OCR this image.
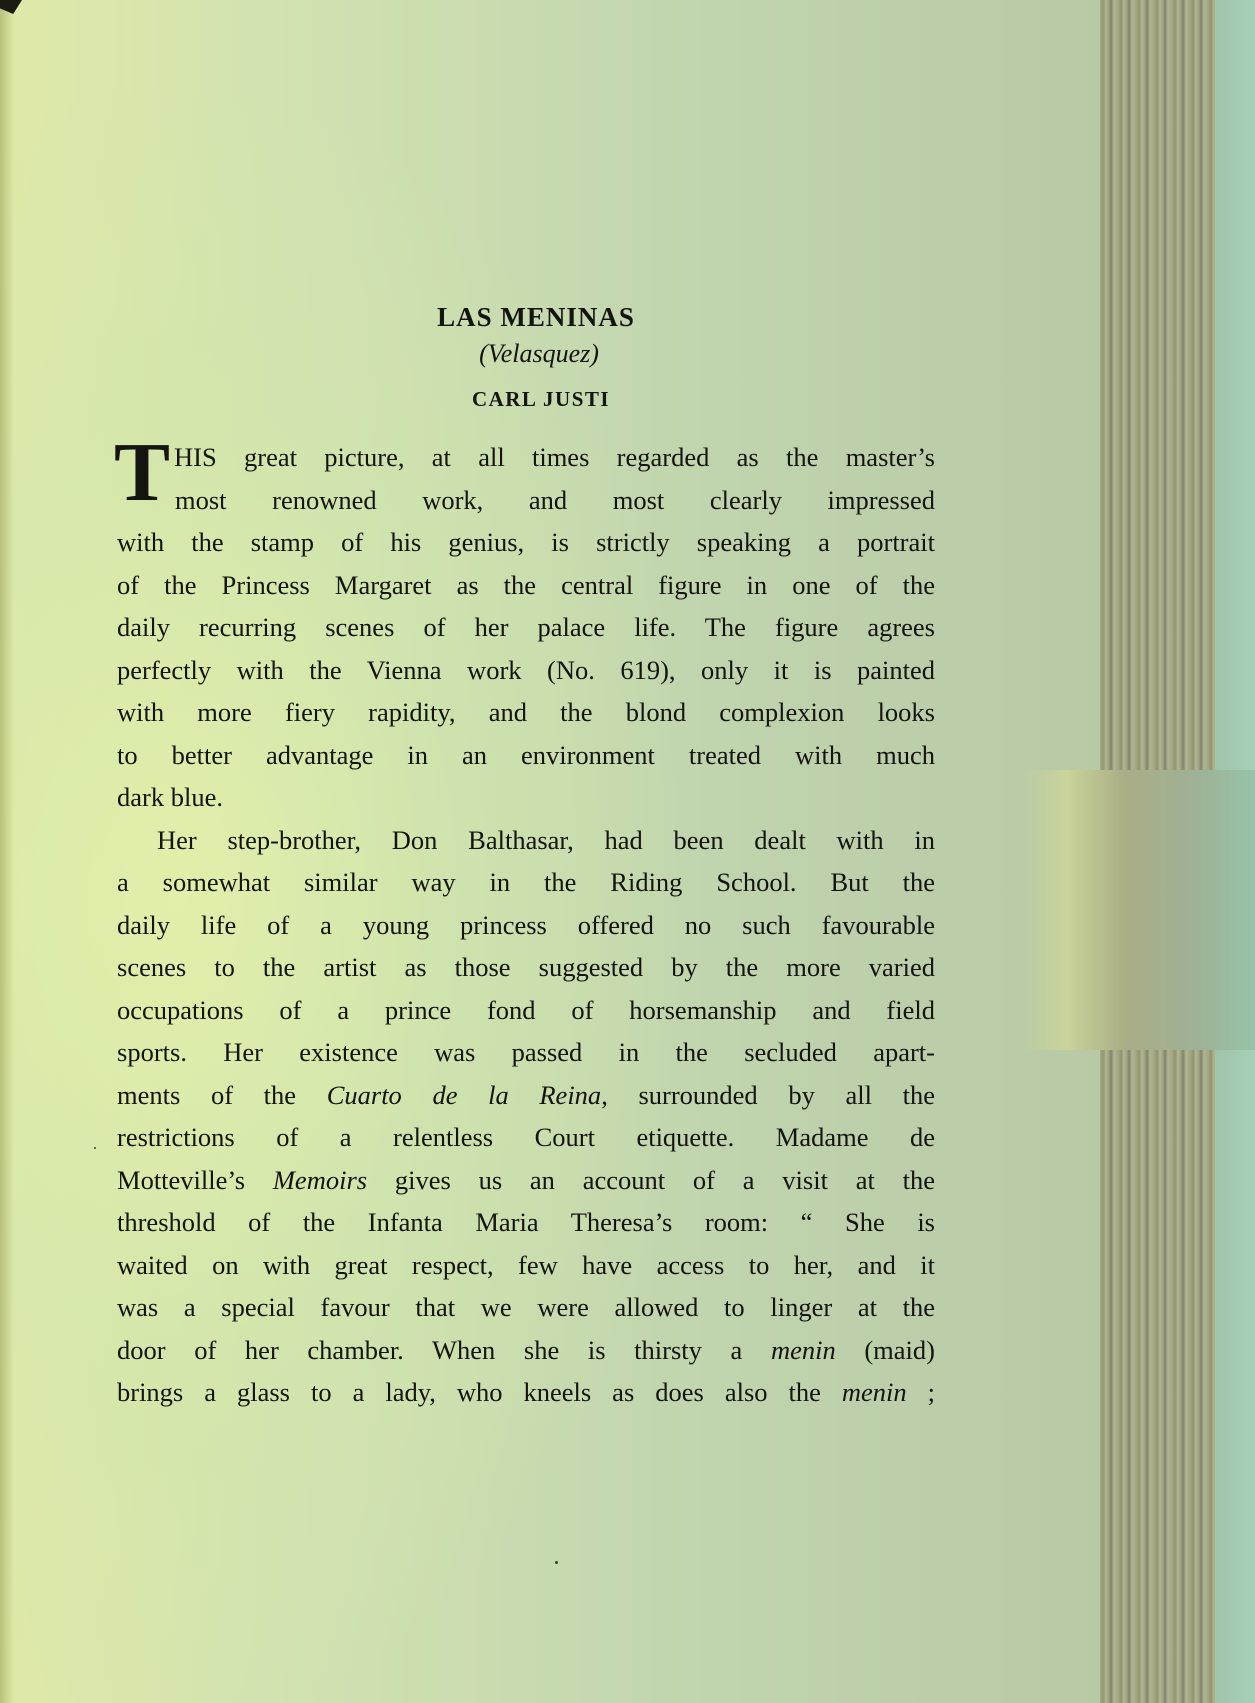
LAS MENINAS
(Velasquez)
CARL JUSTI
T HIS great picture, at all times regarded as the master’s
most renowned work, and most clearly impressed
with the stamp of his genius, is strictly speaking a portrait
of the Princess Margaret as the central figure in one of the
daily recurring scenes of her palace life. The figure agrees
perfectly with the Vienna work (No. 619), only it is painted
with more fiery rapidity, and the blond complexion looks
to better advantage in an environment treated with much
dark blue.
Her step-brother, Don Balthasar, had been dealt with in
a somewhat similar way in the Riding School. But the
daily life of a young princess offered no such favourable
scenes to the artist as those suggested by the more varied
occupations of a prince fond of horsemanship and field
sports. Her existence was passed in the secluded apart-
ments of the Cuarto de la Reina, surrounded by all the
restrictions of a relentless Court etiquette. Madame de
Motteville’s Memoirs gives us an account of a visit at the
threshold of the Infanta Maria Theresa’s room: “ She is
waited on with great respect, few have access to her, and it
was a special favour that we were allowed to linger at the
door of her chamber. When she is thirsty a menin (maid)
brings a glass to a lady, who kneels as does also the menin ;
